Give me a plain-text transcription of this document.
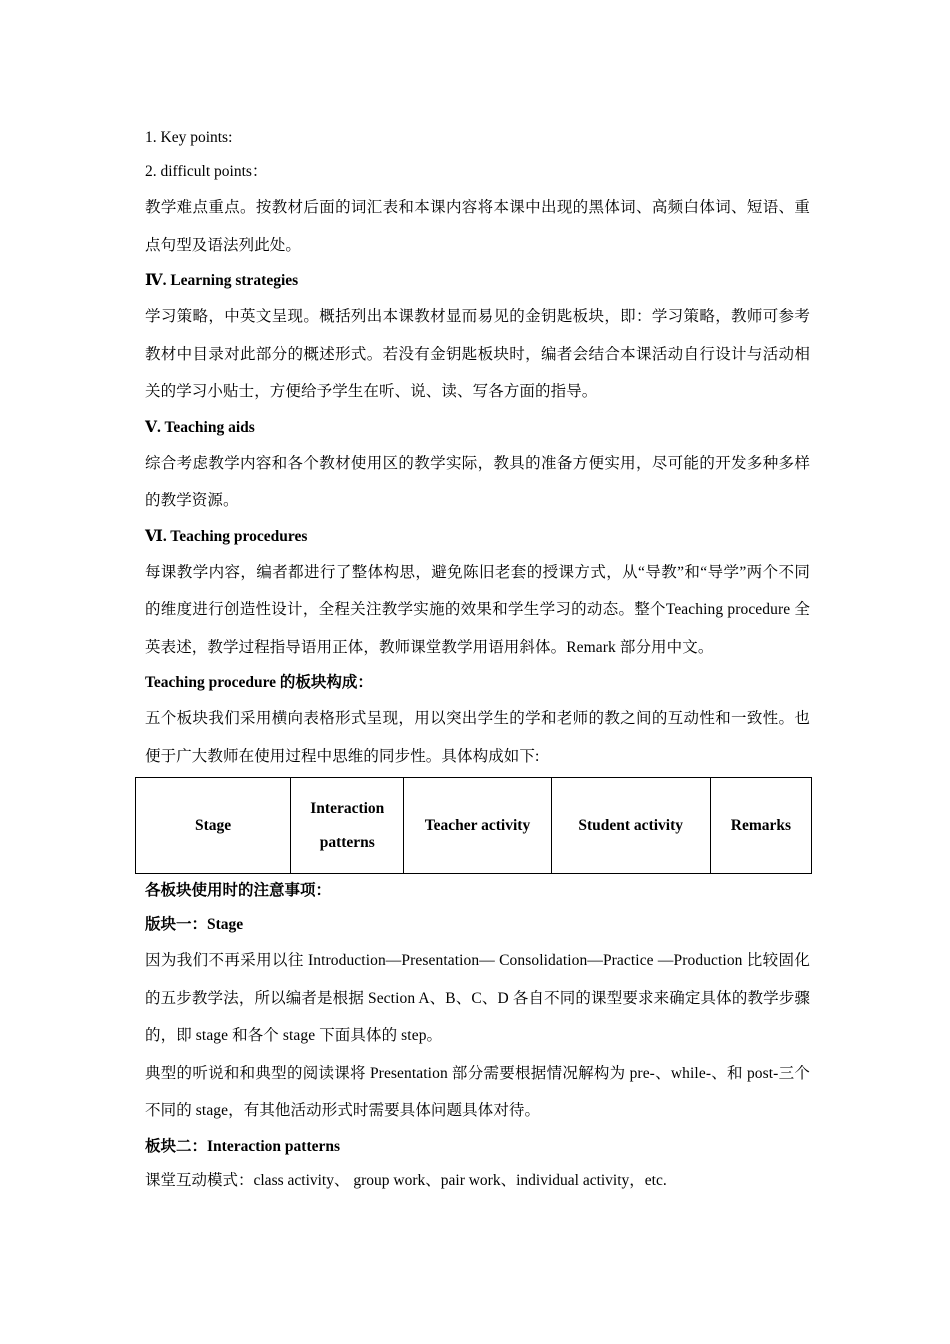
1. Key points:

2. difficult points：

教学难点重点。按教材后面的词汇表和本课内容将本课中出现的黑体词、高频白体词、短语、重点句型及语法列此处。

Ⅳ. Learning strategies

学习策略，中英文呈现。概括列出本课教材显而易见的金钥匙板块，即：学习策略，教师可参考教材中目录对此部分的概述形式。若没有金钥匙板块时，编者会结合本课活动自行设计与活动相关的学习小贴士，方便给予学生在听、说、读、写各方面的指导。

Ⅴ. Teaching aids

综合考虑教学内容和各个教材使用区的教学实际，教具的准备方便实用，尽可能的开发多种多样的教学资源。

Ⅵ. Teaching procedures

每课教学内容，编者都进行了整体构思，避免陈旧老套的授课方式，从“导教”和“导学”两个不同的维度进行创造性设计，全程关注教学实施的效果和学生学习的动态。整个Teaching procedure 全英表述，教学过程指导语用正体，教师课堂教学用语用斜体。Remark 部分用中文。

Teaching procedure 的板块构成：

五个板块我们采用横向表格形式呈现，用以突出学生的学和老师的教之间的互动性和一致性。也便于广大教师在使用过程中思维的同步性。具体构成如下:

Stage	Interaction patterns	Teacher activity	Student activity	Remarks

各板块使用时的注意事项：

版块一：Stage

因为我们不再采用以往 Introduction—Presentation— Consolidation—Practice —Production 比较固化的五步教学法，所以编者是根据 Section A、B、C、D 各自不同的课型要求来确定具体的教学步骤的，即 stage 和各个 stage 下面具体的 step。

典型的听说和和典型的阅读课将 Presentation 部分需要根据情况解构为 pre-、while-、和 post-三个不同的 stage，有其他活动形式时需要具体问题具体对待。

板块二：Interaction patterns

课堂互动模式：class activity、 group work、pair work、individual activity，etc.
